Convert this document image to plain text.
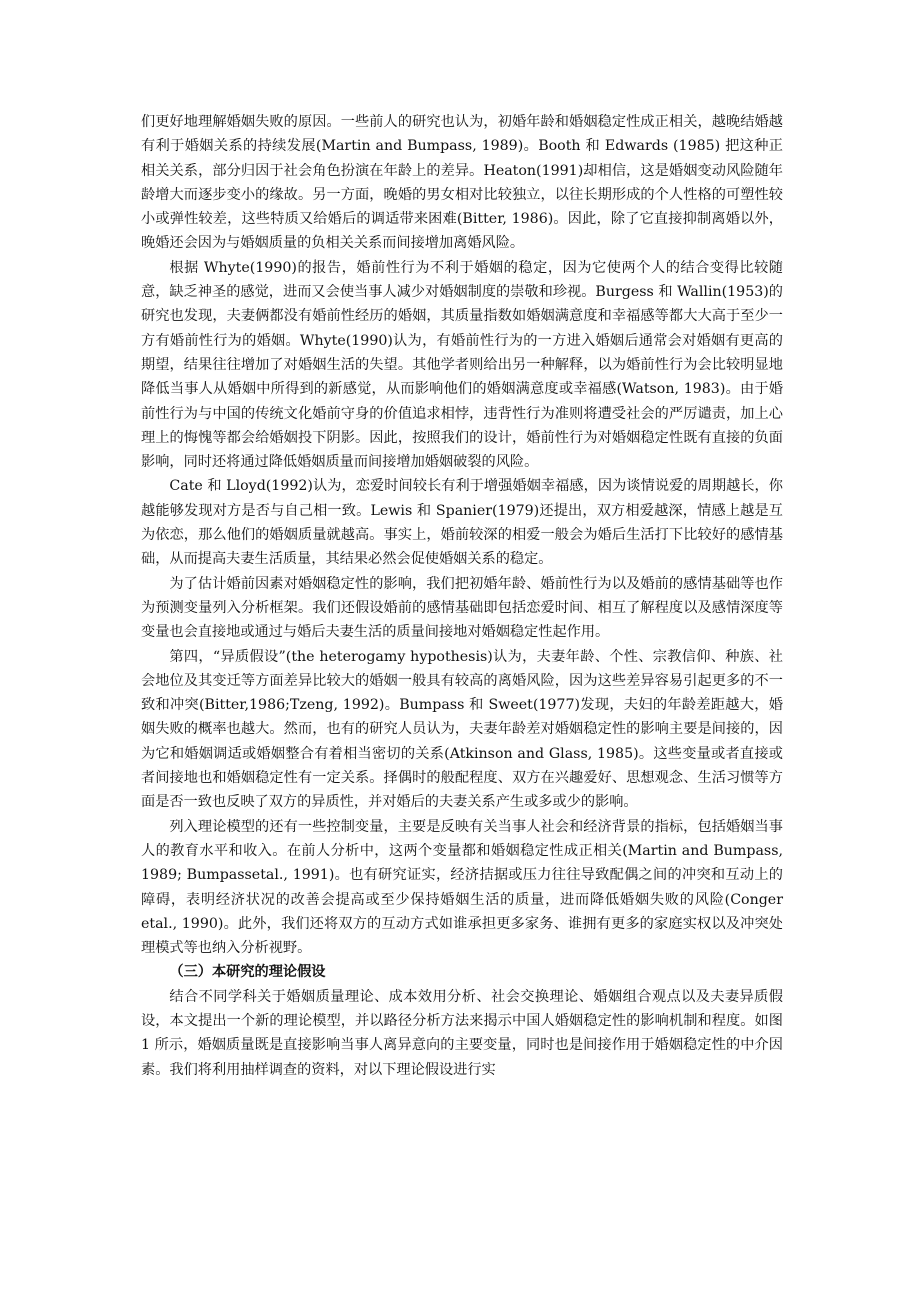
们更好地理解婚姻失败的原因。一些前人的研究也认为，初婚年龄和婚姻稳定性成正相关，越晚结婚越有利于婚姻关系的持续发展(Martin and Bumpass, 1989)。Booth 和 Edwards (1985) 把这种正相关关系，部分归因于社会角色扮演在年龄上的差异。Heaton(1991)却相信，这是婚姻变动风险随年龄增大而逐步变小的缘故。另一方面，晚婚的男女相对比较独立，以往长期形成的个人性格的可塑性较小或弹性较差，这些特质又给婚后的调适带来困难(Bitter, 1986)。因此，除了它直接抑制离婚以外，晚婚还会因为与婚姻质量的负相关关系而间接增加离婚风险。

根据 Whyte(1990)的报告，婚前性行为不利于婚姻的稳定，因为它使两个人的结合变得比较随意，缺乏神圣的感觉，进而又会使当事人减少对婚姻制度的崇敬和珍视。Burgess 和 Wallin(1953)的研究也发现，夫妻俩都没有婚前性经历的婚姻，其质量指数如婚姻满意度和幸福感等都大大高于至少一方有婚前性行为的婚姻。Whyte(1990)认为，有婚前性行为的一方进入婚姻后通常会对婚姻有更高的期望，结果往往增加了对婚姻生活的失望。其他学者则给出另一种解释，以为婚前性行为会比较明显地降低当事人从婚姻中所得到的新感觉，从而影响他们的婚姻满意度或幸福感(Watson, 1983)。由于婚前性行为与中国的传统文化婚前守身的价值追求相悖，违背性行为准则将遭受社会的严厉谴责，加上心理上的悔愧等都会给婚姻投下阴影。因此，按照我们的设计，婚前性行为对婚姻稳定性既有直接的负面影响，同时还将通过降低婚姻质量而间接增加婚姻破裂的风险。

Cate 和 Lloyd(1992)认为，恋爱时间较长有利于增强婚姻幸福感，因为谈情说爱的周期越长，你越能够发现对方是否与自己相一致。Lewis 和 Spanier(1979)还提出，双方相爱越深，情感上越是互为依恋，那么他们的婚姻质量就越高。事实上，婚前较深的相爱一般会为婚后生活打下比较好的感情基础，从而提高夫妻生活质量，其结果必然会促使婚姻关系的稳定。

为了估计婚前因素对婚姻稳定性的影响，我们把初婚年龄、婚前性行为以及婚前的感情基础等也作为预测变量列入分析框架。我们还假设婚前的感情基础即包括恋爱时间、相互了解程度以及感情深度等变量也会直接地或通过与婚后夫妻生活的质量间接地对婚姻稳定性起作用。

第四，“异质假设”(the heterogamy hypothesis)认为，夫妻年龄、个性、宗教信仰、种族、社会地位及其变迁等方面差异比较大的婚姻一般具有较高的离婚风险，因为这些差异容易引起更多的不一致和冲突(Bitter,1986;Tzeng, 1992)。Bumpass 和 Sweet(1977)发现，夫妇的年龄差距越大，婚姻失败的概率也越大。然而，也有的研究人员认为，夫妻年龄差对婚姻稳定性的影响主要是间接的，因为它和婚姻调适或婚姻整合有着相当密切的关系(Atkinson and Glass, 1985)。这些变量或者直接或者间接地也和婚姻稳定性有一定关系。择偶时的般配程度、双方在兴趣爱好、思想观念、生活习惯等方面是否一致也反映了双方的异质性，并对婚后的夫妻关系产生或多或少的影响。

列入理论模型的还有一些控制变量，主要是反映有关当事人社会和经济背景的指标，包括婚姻当事人的教育水平和收入。在前人分析中，这两个变量都和婚姻稳定性成正相关(Martin and Bumpass, 1989; Bumpassetal., 1991)。也有研究证实，经济拮据或压力往往导致配偶之间的冲突和互动上的障碍，表明经济状况的改善会提高或至少保持婚姻生活的质量，进而降低婚姻失败的风险(Conger etal., 1990)。此外，我们还将双方的互动方式如谁承担更多家务、谁拥有更多的家庭实权以及冲突处理模式等也纳入分析视野。

（三）本研究的理论假设

结合不同学科关于婚姻质量理论、成本效用分析、社会交换理论、婚姻组合观点以及夫妻异质假设，本文提出一个新的理论模型，并以路径分析方法来揭示中国人婚姻稳定性的影响机制和程度。如图 1 所示，婚姻质量既是直接影响当事人离异意向的主要变量，同时也是间接作用于婚姻稳定性的中介因素。我们将利用抽样调查的资料，对以下理论假设进行实
